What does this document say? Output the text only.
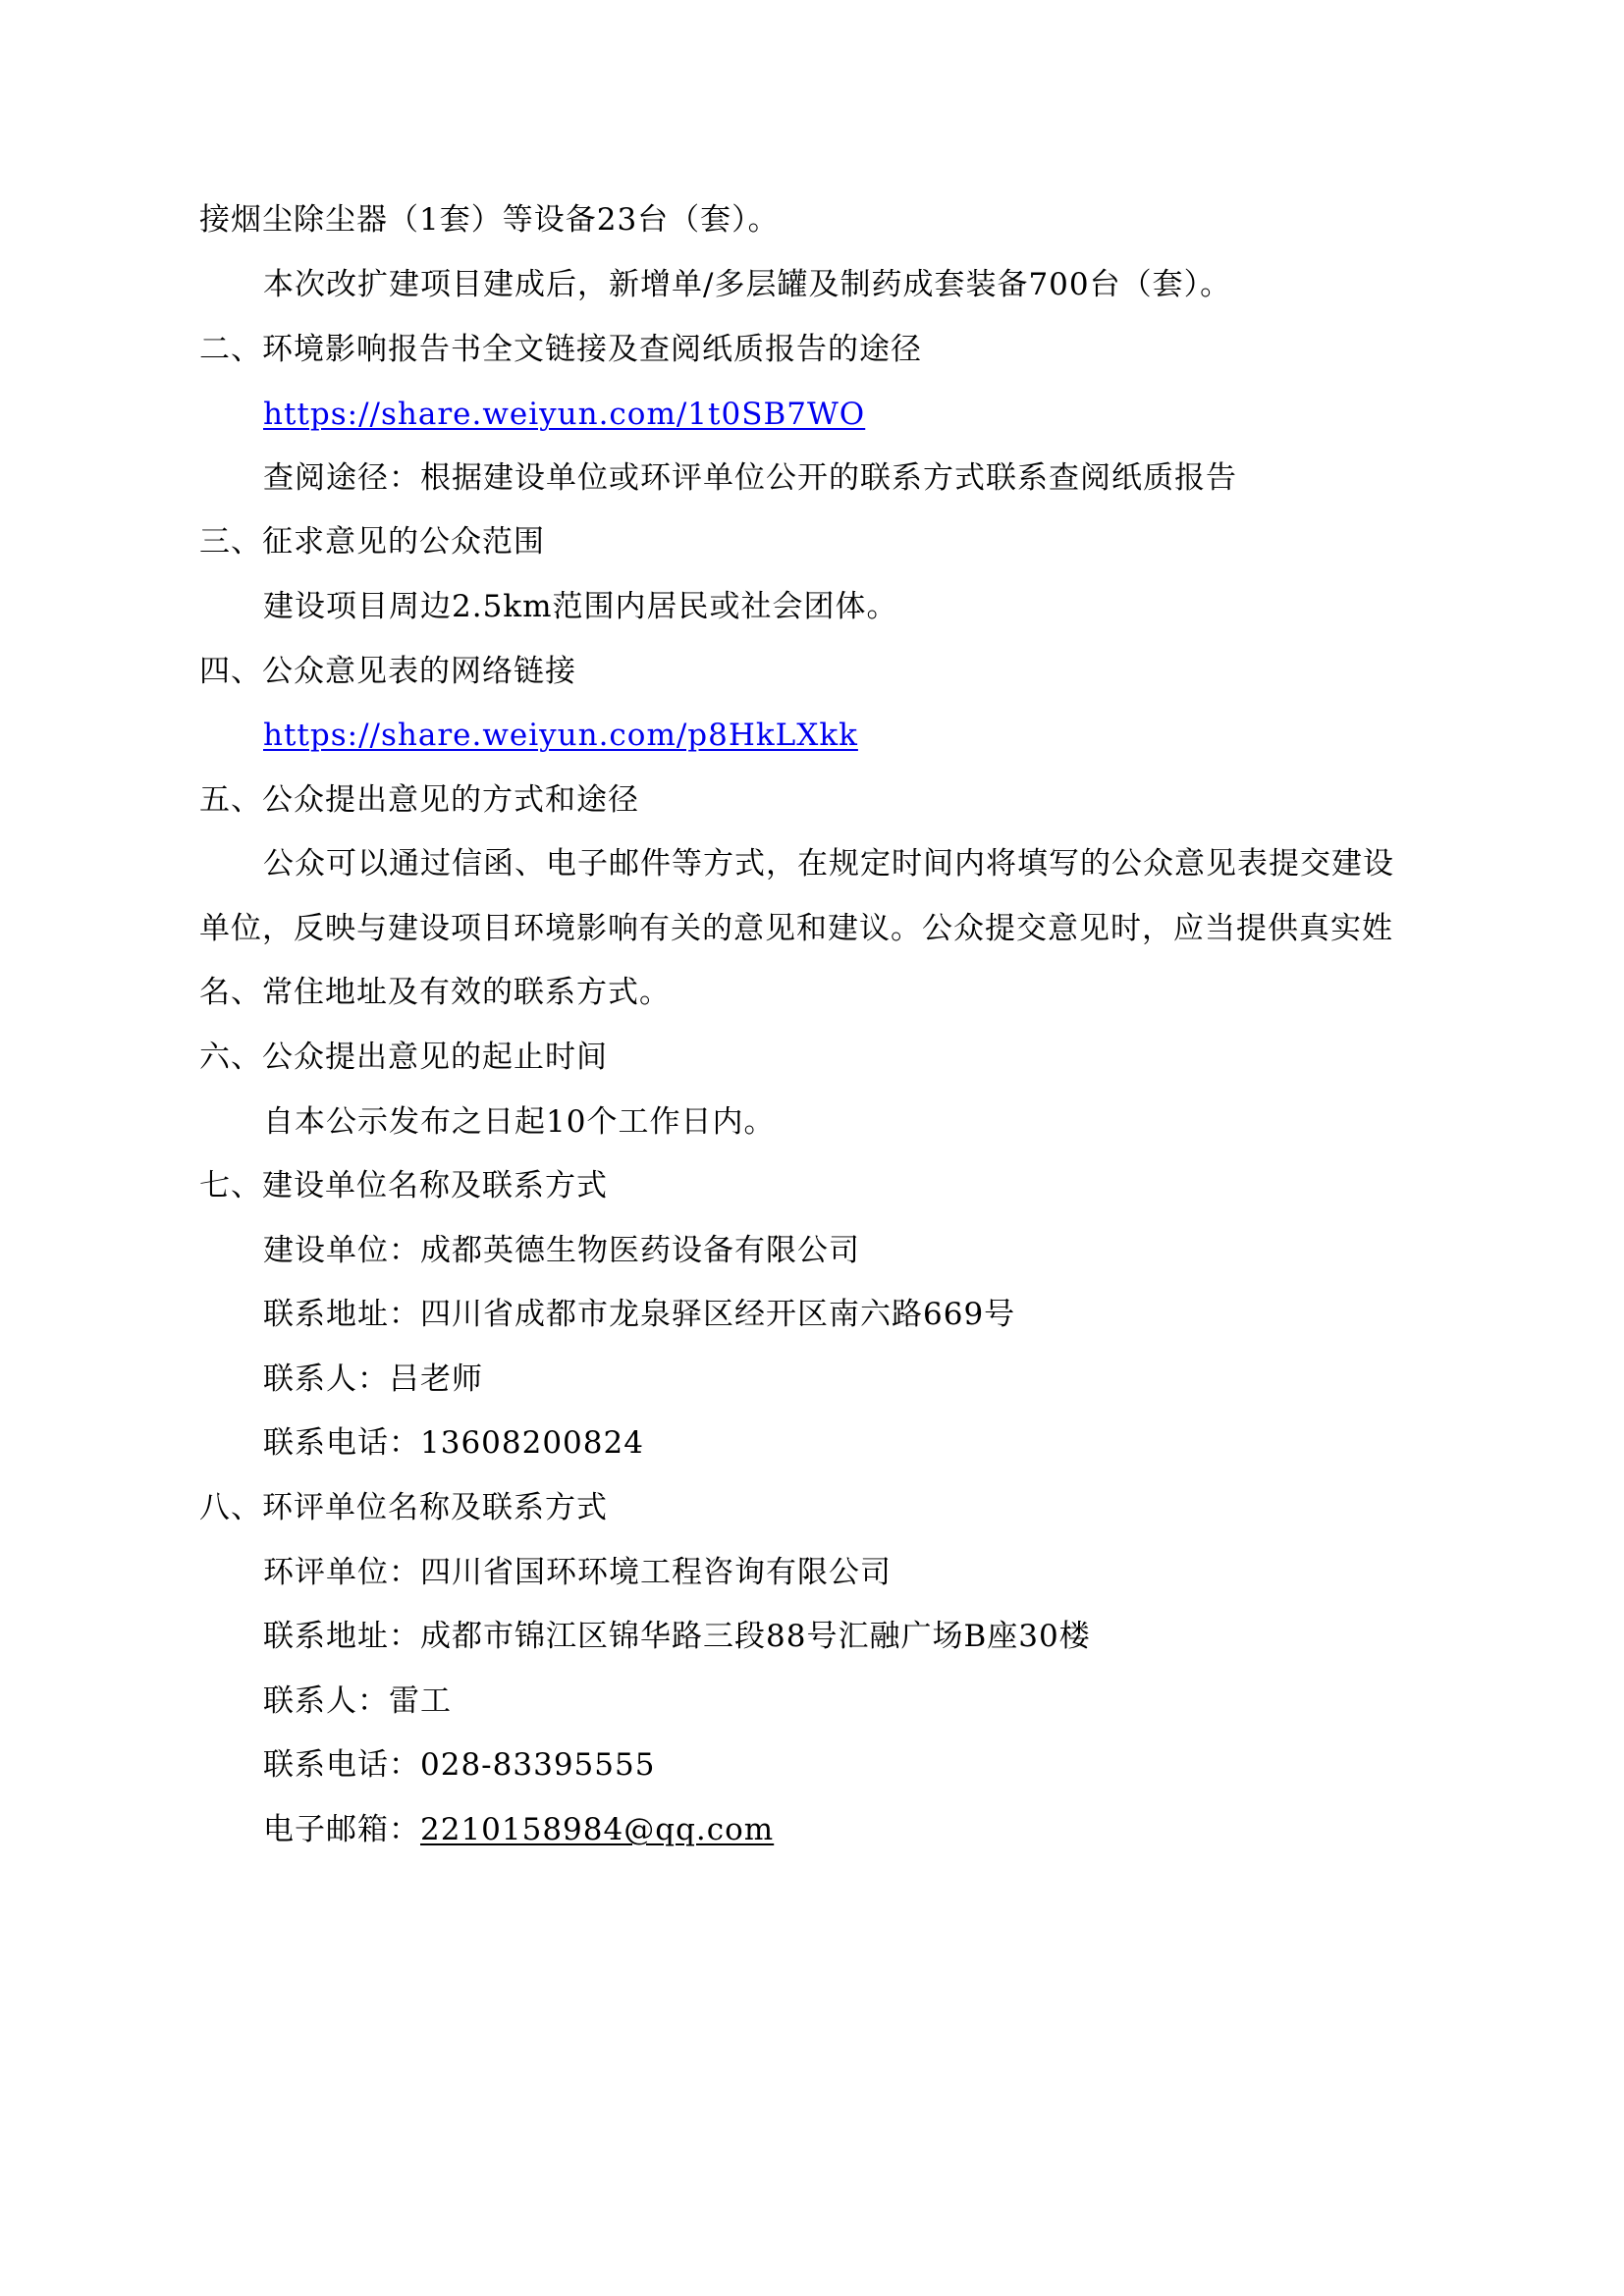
接烟尘除尘器（1套）等设备23台（套）。
本次改扩建项目建成后，新增单/多层罐及制药成套装备700台（套）。
二、环境影响报告书全文链接及查阅纸质报告的途径
https://share.weiyun.com/1t0SB7WO
查阅途径：根据建设单位或环评单位公开的联系方式联系查阅纸质报告
三、征求意见的公众范围
建设项目周边2.5km范围内居民或社会团体。
四、公众意见表的网络链接
https://share.weiyun.com/p8HkLXkk
五、公众提出意见的方式和途径
公众可以通过信函、电子邮件等方式，在规定时间内将填写的公众意见表提交建设
单位，反映与建设项目环境影响有关的意见和建议。公众提交意见时，应当提供真实姓
名、常住地址及有效的联系方式。
六、公众提出意见的起止时间
自本公示发布之日起10个工作日内。
七、建设单位名称及联系方式
建设单位：成都英德生物医药设备有限公司
联系地址：四川省成都市龙泉驿区经开区南六路669号
联系人：吕老师
联系电话：13608200824
八、环评单位名称及联系方式
环评单位：四川省国环环境工程咨询有限公司
联系地址：成都市锦江区锦华路三段88号汇融广场B座30楼
联系人：雷工
联系电话：028-83395555
电子邮箱：2210158984@qq.com
